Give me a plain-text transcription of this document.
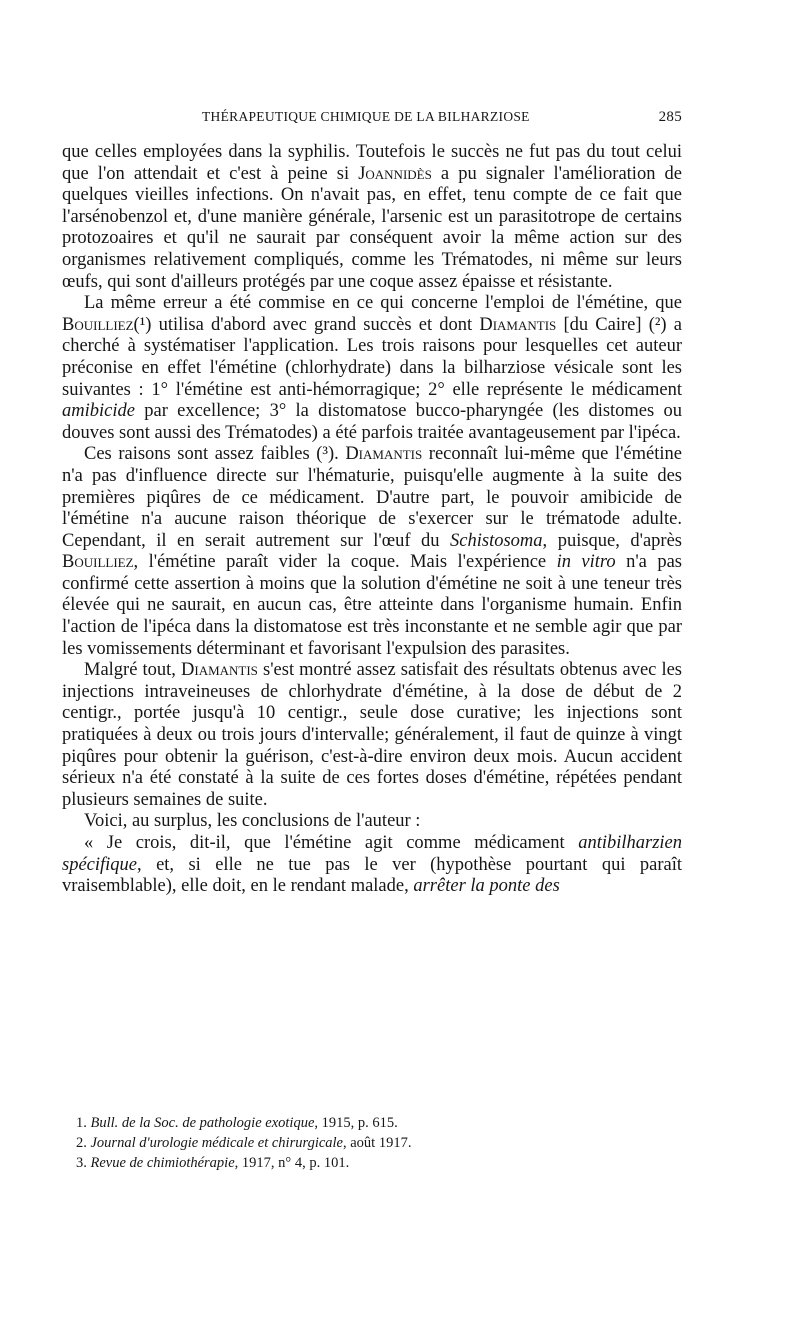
THÉRAPEUTIQUE CHIMIQUE DE LA BILHARZIOSE	285

que celles employées dans la syphilis. Toutefois le succès ne fut pas du tout celui que l'on attendait et c'est à peine si Joannidès a pu signaler l'amélioration de quelques vieilles infections. On n'avait pas, en effet, tenu compte de ce fait que l'arsénobenzol et, d'une manière générale, l'arsenic est un parasitotrope de certains protozoaires et qu'il ne saurait par conséquent avoir la même action sur des organismes relativement compliqués, comme les Trématodes, ni même sur leurs œufs, qui sont d'ailleurs protégés par une coque assez épaisse et résistante.

La même erreur a été commise en ce qui concerne l'emploi de l'émétine, que Bouilliez(¹) utilisa d'abord avec grand succès et dont Diamantis [du Caire] (²) a cherché à systématiser l'application. Les trois raisons pour lesquelles cet auteur préconise en effet l'émétine (chlorhydrate) dans la bilharziose vésicale sont les suivantes : 1° l'émétine est anti-hémorragique; 2° elle représente le médicament amibicide par excellence; 3° la distomatose bucco-pharyngée (les distomes ou douves sont aussi des Trématodes) a été parfois traitée avantageusement par l'ipéca.

Ces raisons sont assez faibles (³). Diamantis reconnaît lui-même que l'émétine n'a pas d'influence directe sur l'hématurie, puisqu'elle augmente à la suite des premières piqûres de ce médicament. D'autre part, le pouvoir amibicide de l'émétine n'a aucune raison théorique de s'exercer sur le trématode adulte. Cependant, il en serait autrement sur l'œuf du Schistosoma, puisque, d'après Bouilliez, l'émétine paraît vider la coque. Mais l'expérience in vitro n'a pas confirmé cette assertion à moins que la solution d'émétine ne soit à une teneur très élevée qui ne saurait, en aucun cas, être atteinte dans l'organisme humain. Enfin l'action de l'ipéca dans la distomatose est très inconstante et ne semble agir que par les vomissements déterminant et favorisant l'expulsion des parasites.

Malgré tout, Diamantis s'est montré assez satisfait des résultats obtenus avec les injections intraveineuses de chlorhydrate d'émétine, à la dose de début de 2 centigr., portée jusqu'à 10 centigr., seule dose curative; les injections sont pratiquées à deux ou trois jours d'intervalle; généralement, il faut de quinze à vingt piqûres pour obtenir la guérison, c'est-à-dire environ deux mois. Aucun accident sérieux n'a été constaté à la suite de ces fortes doses d'émétine, répétées pendant plusieurs semaines de suite.

Voici, au surplus, les conclusions de l'auteur :

« Je crois, dit-il, que l'émétine agit comme médicament antibilharzien spécifique, et, si elle ne tue pas le ver (hypothèse pourtant qui paraît vraisemblable), elle doit, en le rendant malade, arrêter la ponte des

1. Bull. de la Soc. de pathologie exotique, 1915, p. 615.
2. Journal d'urologie médicale et chirurgicale, août 1917.
3. Revue de chimiothérapie, 1917, n° 4, p. 101.
